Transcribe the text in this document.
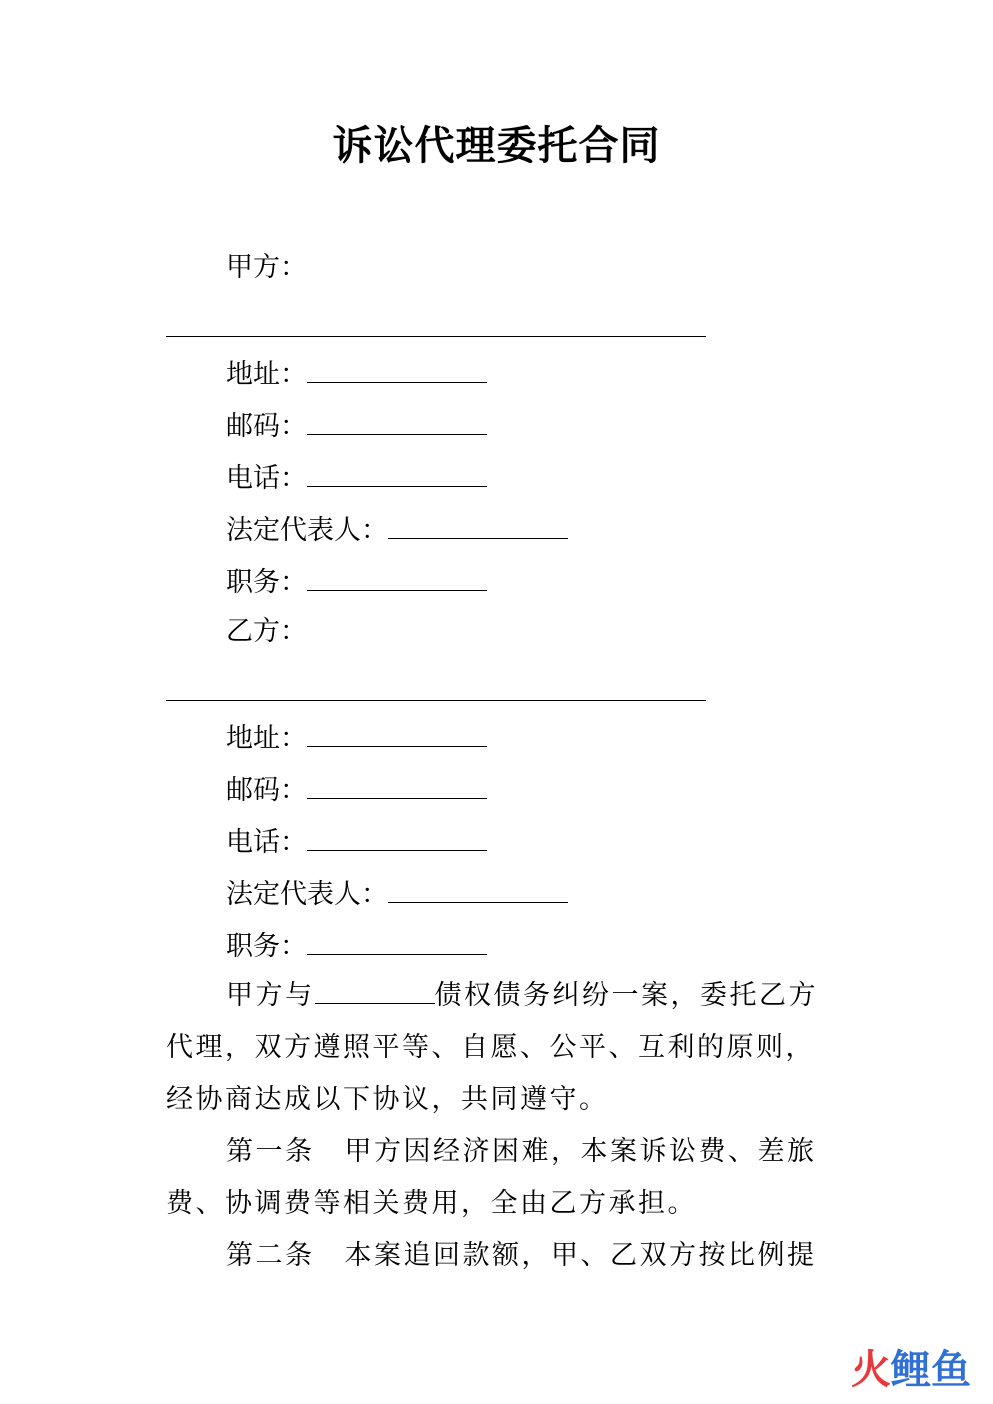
诉讼代理委托合同
甲方：
地址：
邮码：
电话：
法定代表人：
职务：
乙方：
地址：
邮码：
电话：
法定代表人：
职务：
甲方与	债权债务纠纷一案，委托乙方代理，双方遵照平等、自愿、公平、互利的原则，经协商达成以下协议，共同遵守。
第一条 甲方因经济困难，本案诉讼费、差旅费、协调费等相关费用，全由乙方承担。
第二条 本案追回款额，甲、乙双方按比例提
火鲤鱼
